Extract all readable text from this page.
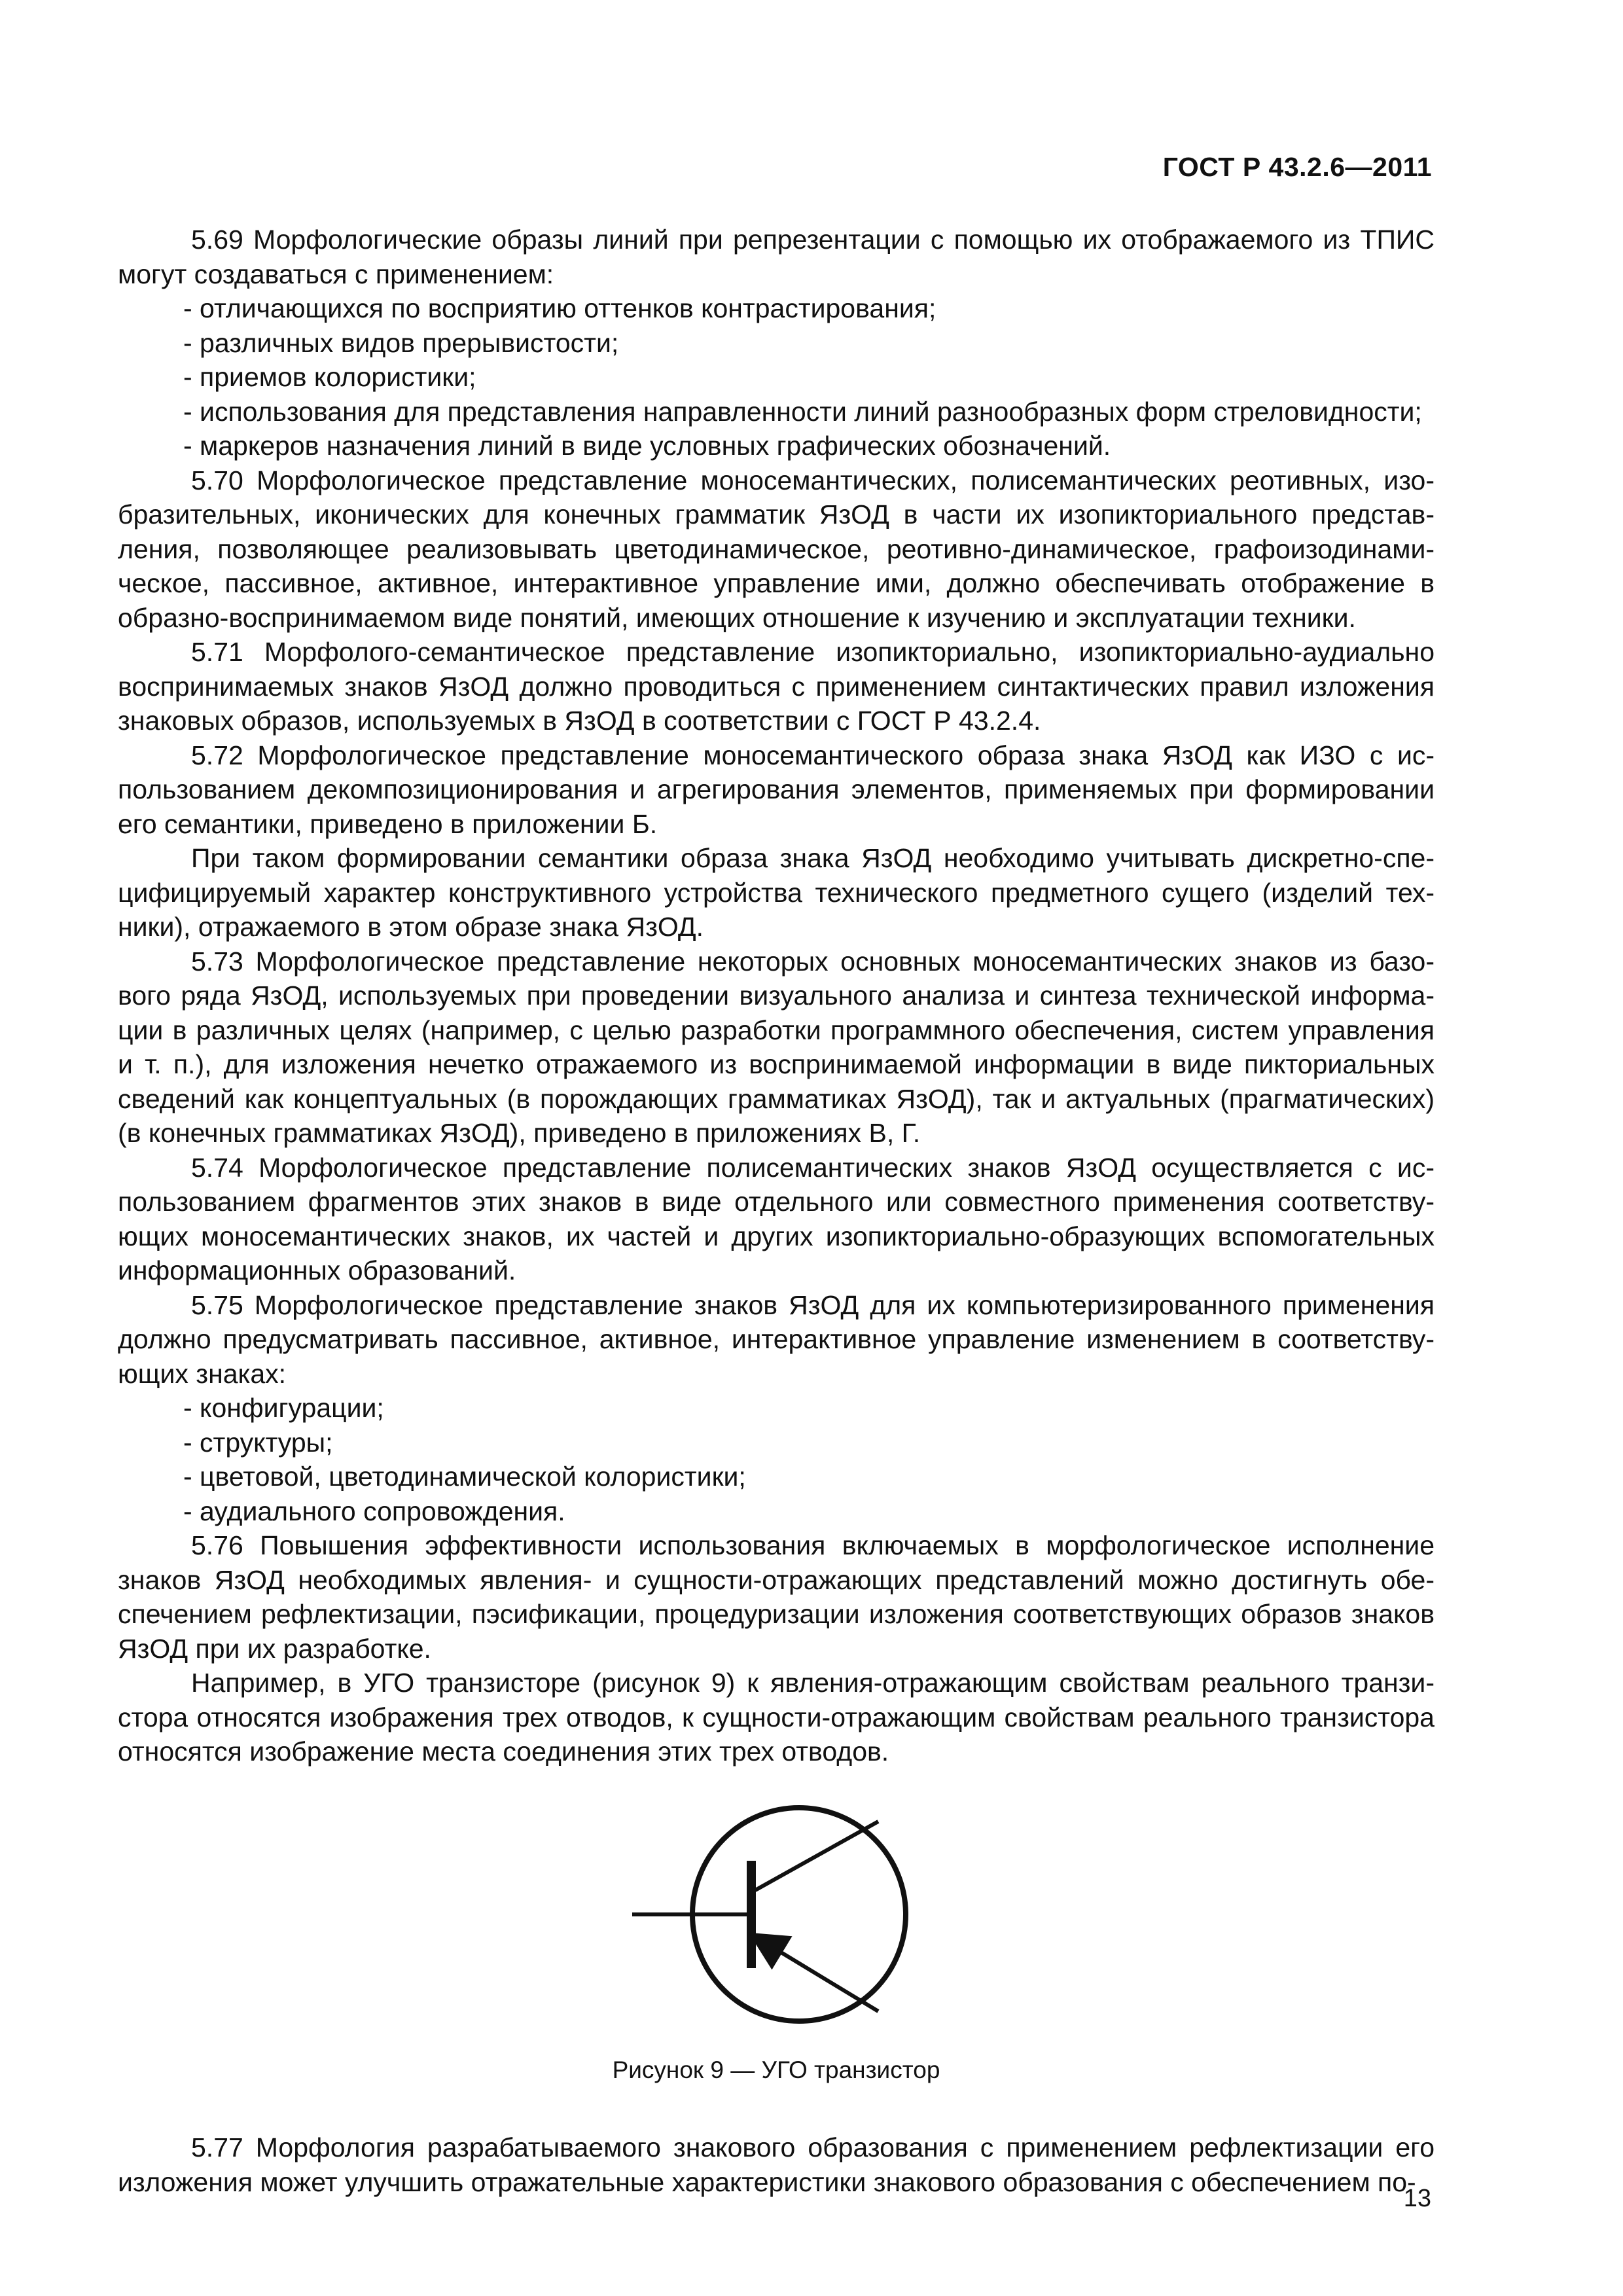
ГОСТ Р 43.2.6—2011

5.69 Морфологические образы линий при репрезентации с помощью их отображаемого из ТПИС могут создаваться с применением:

- отличающихся по восприятию оттенков контрастирования;

- различных видов прерывистости;

- приемов колористики;

- использования для представления направленности линий разнообразных форм стреловидности;

- маркеров назначения линий в виде условных графических обозначений.

5.70 Морфологическое представление моносемантических, полисемантических реотивных, изобразительных, иконических для конечных грамматик ЯзОД в части их изопикториального представления, позволяющее реализовывать цветодинамическое, реотивно-динамическое, графоизодинамическое, пассивное, активное, интерактивное управление ими, должно обеспечивать отображение в образно-воспринимаемом виде понятий, имеющих отношение к изучению и эксплуатации техники.

5.71 Морфолого-семантическое представление изопикториально, изопикториально-аудиально воспринимаемых знаков ЯзОД должно проводиться с применением синтактических правил изложения знаковых образов, используемых в ЯзОД в соответствии с ГОСТ Р 43.2.4.

5.72 Морфологическое представление моносемантического образа знака ЯзОД как ИЗО с использованием декомпозиционирования и агрегирования элементов, применяемых при формировании его семантики, приведено в приложении Б.

При таком формировании семантики образа знака ЯзОД необходимо учитывать дискретно-специфицируемый характер конструктивного устройства технического предметного сущего (изделий техники), отражаемого в этом образе знака ЯзОД.

5.73 Морфологическое представление некоторых основных моносемантических знаков из базового ряда ЯзОД, используемых при проведении визуального анализа и синтеза технической информации в различных целях (например, с целью разработки программного обеспечения, систем управления и т. п.), для изложения нечетко отражаемого из воспринимаемой информации в виде пикториальных сведений как концептуальных (в порождающих грамматиках ЯзОД), так и актуальных (прагматических) (в конечных грамматиках ЯзОД), приведено в приложениях В, Г.

5.74 Морфологическое представление полисемантических знаков ЯзОД осуществляется с использованием фрагментов этих знаков в виде отдельного или совместного применения соответствующих моносемантических знаков, их частей и других изопикториально-образующих вспомогательных информационных образований.

5.75 Морфологическое представление знаков ЯзОД для их компьютеризированного применения должно предусматривать пассивное, активное, интерактивное управление изменением в соответствующих знаках:

- конфигурации;

- структуры;

- цветовой, цветодинамической колористики;

- аудиального сопровождения.

5.76 Повышения эффективности использования включаемых в морфологическое исполнение знаков ЯзОД необходимых явления- и сущности-отражающих представлений можно достигнуть обеспечением рефлектизации, пэсификации, процедуризации изложения соответствующих образов знаков ЯзОД при их разработке.

Например, в УГО транзисторе (рисунок 9) к явления-отражающим свойствам реального транзистора относятся изображения трех отводов, к сущности-отражающим свойствам реального транзистора относятся изображение места соединения этих трех отводов.

Рисунок 9 — УГО транзистор

5.77 Морфология разрабатываемого знакового образования с применением рефлектизации его изложения может улучшить отражательные характеристики знакового образования с обеспечением по-

13
